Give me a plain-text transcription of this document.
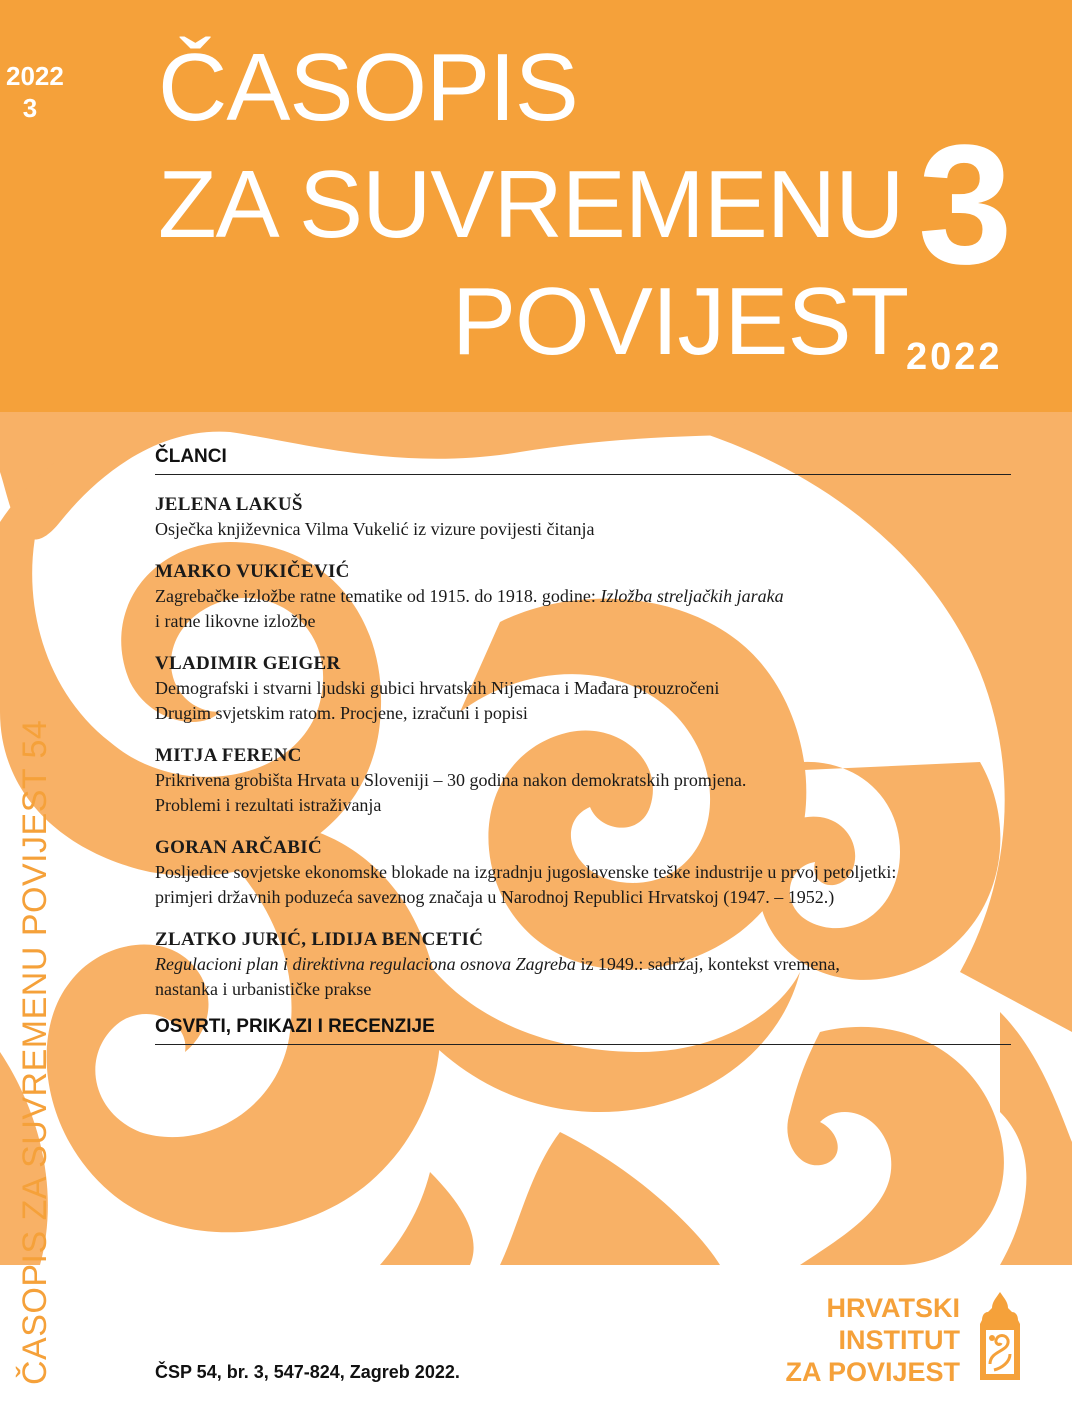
2022
3 ČASOPIS
ZA SUVREMENU
POVIJEST
3
2022
ČASOPIS ZA SUVREMENU POVIJEST 54
ČLANCI
JELENA LAKUŠ
Osječka književnica Vilma Vukelić iz vizure povijesti čitanja
MARKO VUKIČEVIĆ
Zagrebačke izložbe ratne tematike od 1915. do 1918. godine: Izložba streljačkih jaraka
i ratne likovne izložbe
VLADIMIR GEIGER
Demografski i stvarni ljudski gubici hrvatskih Nijemaca i Mađara prouzročeni
Drugim svjetskim ratom. Procjene, izračuni i popisi
MITJA FERENC
Prikrivena grobišta Hrvata u Sloveniji – 30 godina nakon demokratskih promjena.
Problemi i rezultati istraživanja
GORAN ARČABIĆ
Posljedice sovjetske ekonomske blokade na izgradnju jugoslavenske teške industrije u prvoj petoljetki:
primjeri državnih poduzeća saveznog značaja u Narodnoj Republici Hrvatskoj (1947. – 1952.)
ZLATKO JURIĆ, LIDIJA BENCETIĆ
Regulacioni plan i direktivna regulaciona osnova Zagreba iz 1949.: sadržaj, kontekst vremena,
nastanka i urbanističke prakse
OSVRTI, PRIKAZI I RECENZIJE
ČSP 54, br. 3, 547-824, Zagreb 2022.
HRVATSKI
INSTITUT
ZA POVIJEST
